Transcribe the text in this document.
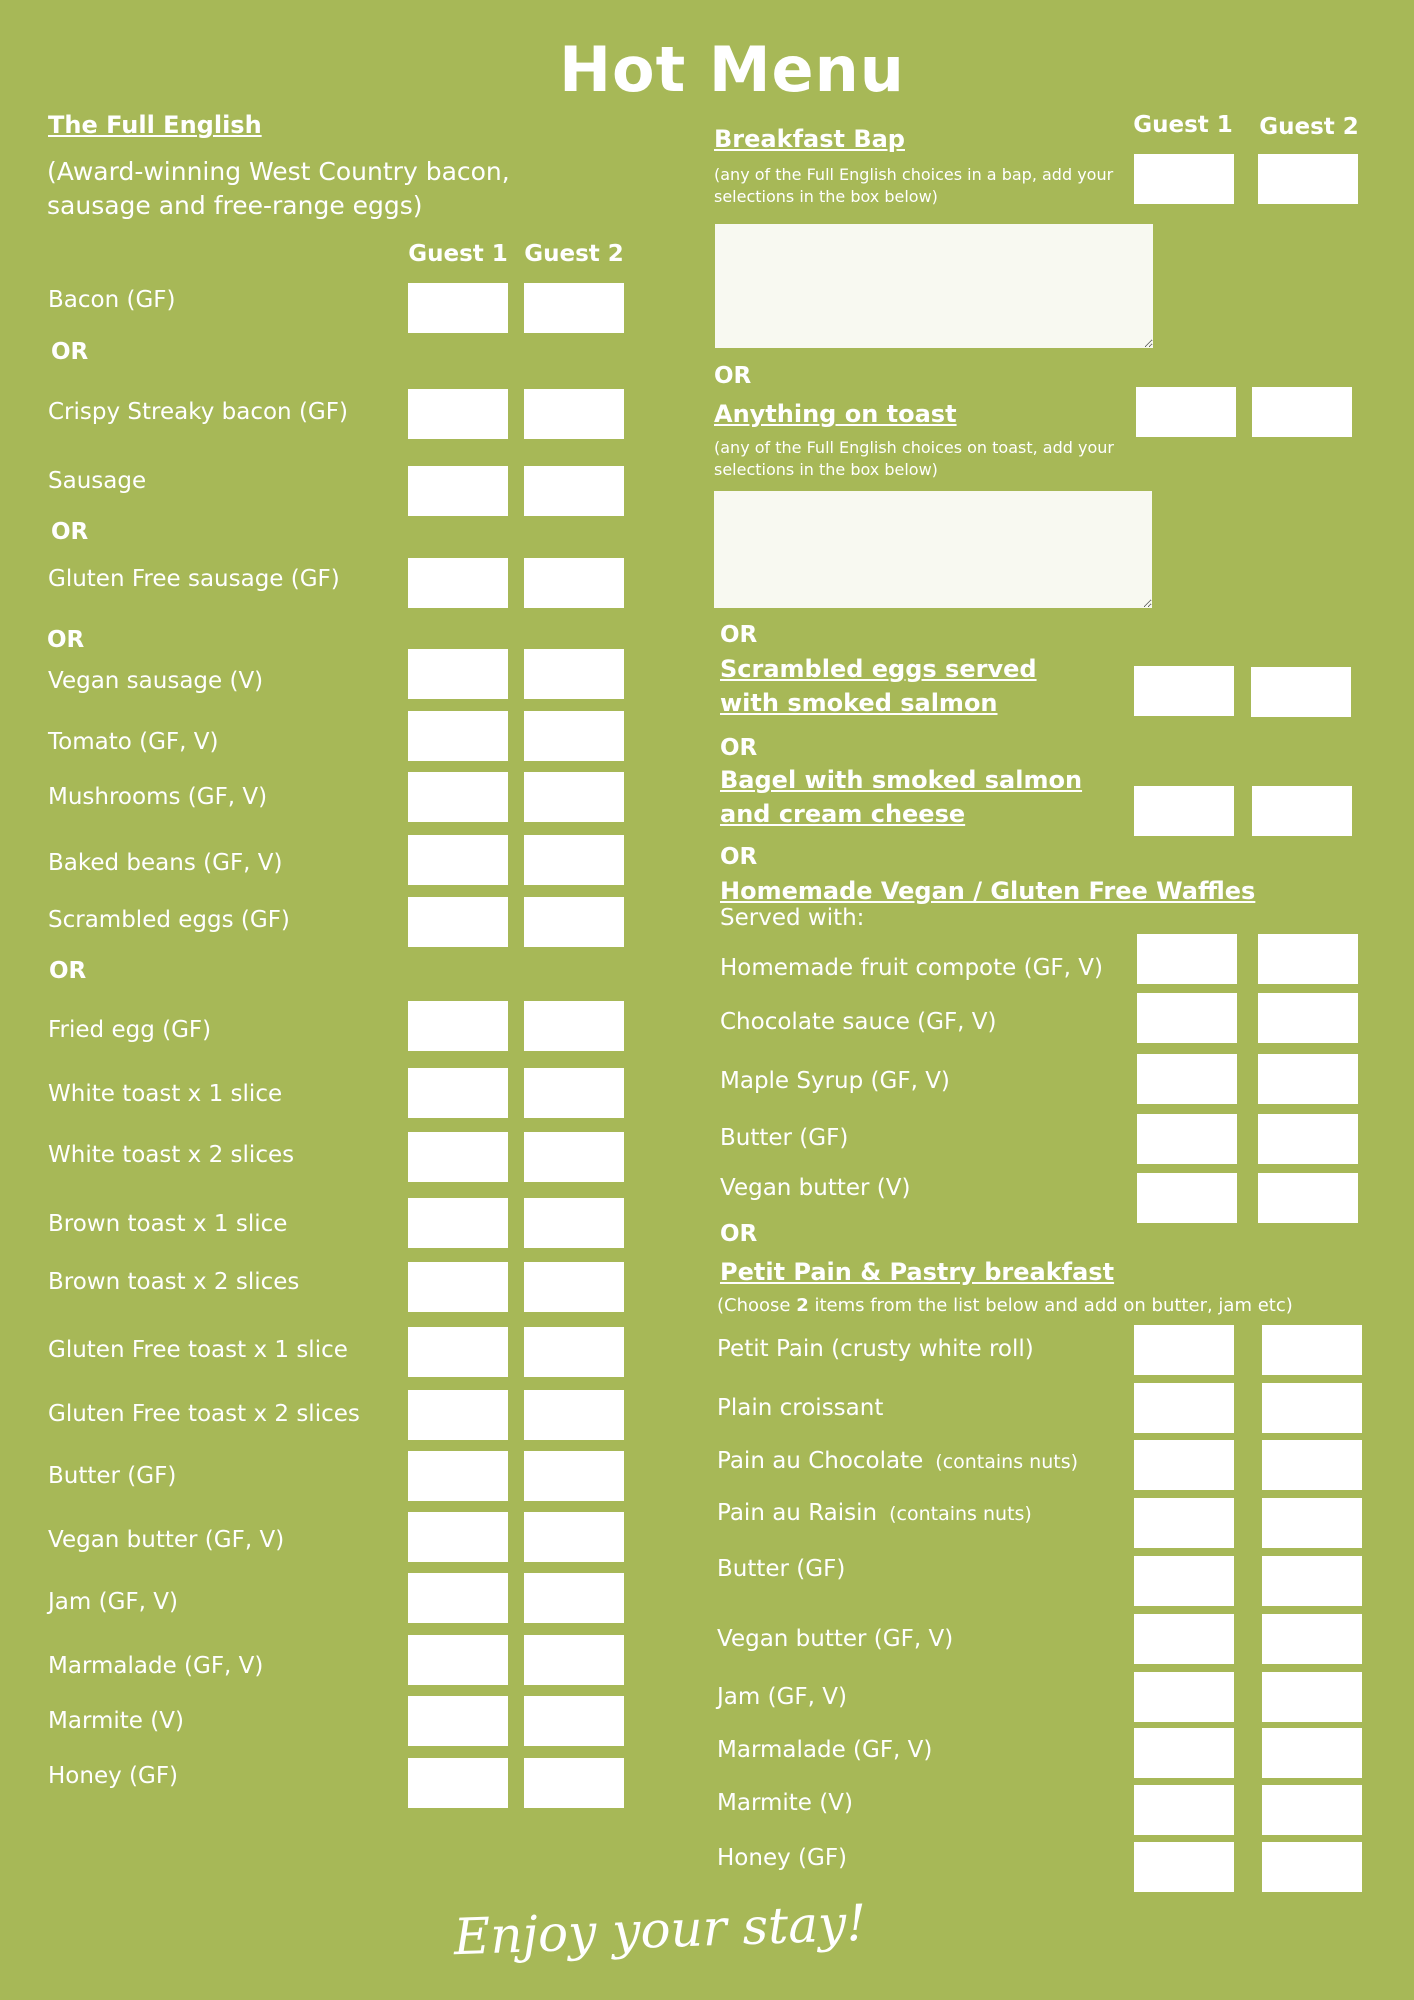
Hot Menu
The Full English
(Award-winning West Country bacon, sausage and free-range eggs)
Guest 1 Guest 2
OR
OR
OR
OR
Bacon (GF)
Crispy Streaky bacon (GF)
Sausage
Gluten Free sausage (GF)
Vegan sausage (V)
Tomato (GF, V)
Mushrooms (GF, V)
Baked beans (GF, V)
Scrambled eggs (GF)
Fried egg (GF)
White toast x 1 slice
White toast x 2 slices
Brown toast x 1 slice
Brown toast x 2 slices
Gluten Free toast x 1 slice
Gluten Free toast x 2 slices
Butter (GF)
Vegan butter (GF, V)
Jam (GF, V)
Marmalade (GF, V)
Marmite (V)
Honey (GF)
Guest 1 Guest 2
Breakfast Bap
(any of the Full English choices in a bap, add your selections in the box below)
OR
Anything on toast
(any of the Full English choices on toast, add your selections in the box below)
OR
Scrambled eggs served with smoked salmon
OR
Bagel with smoked salmon and cream cheese
OR
Homemade Vegan / Gluten Free Waffles
Served with:
Homemade fruit compote (GF, V)
Chocolate sauce (GF, V)
Maple Syrup (GF, V)
Butter (GF)
Vegan butter (V)
OR
Petit Pain & Pastry breakfast
(Choose 2 items from the list below and add on butter, jam etc)
Petit Pain (crusty white roll)
Plain croissant
Pain au Chocolate (contains nuts)
Pain au Raisin (contains nuts)
Butter (GF)
Vegan butter (GF, V)
Jam (GF, V)
Marmalade (GF, V)
Marmite (V)
Honey (GF)
Enjoy your stay!
